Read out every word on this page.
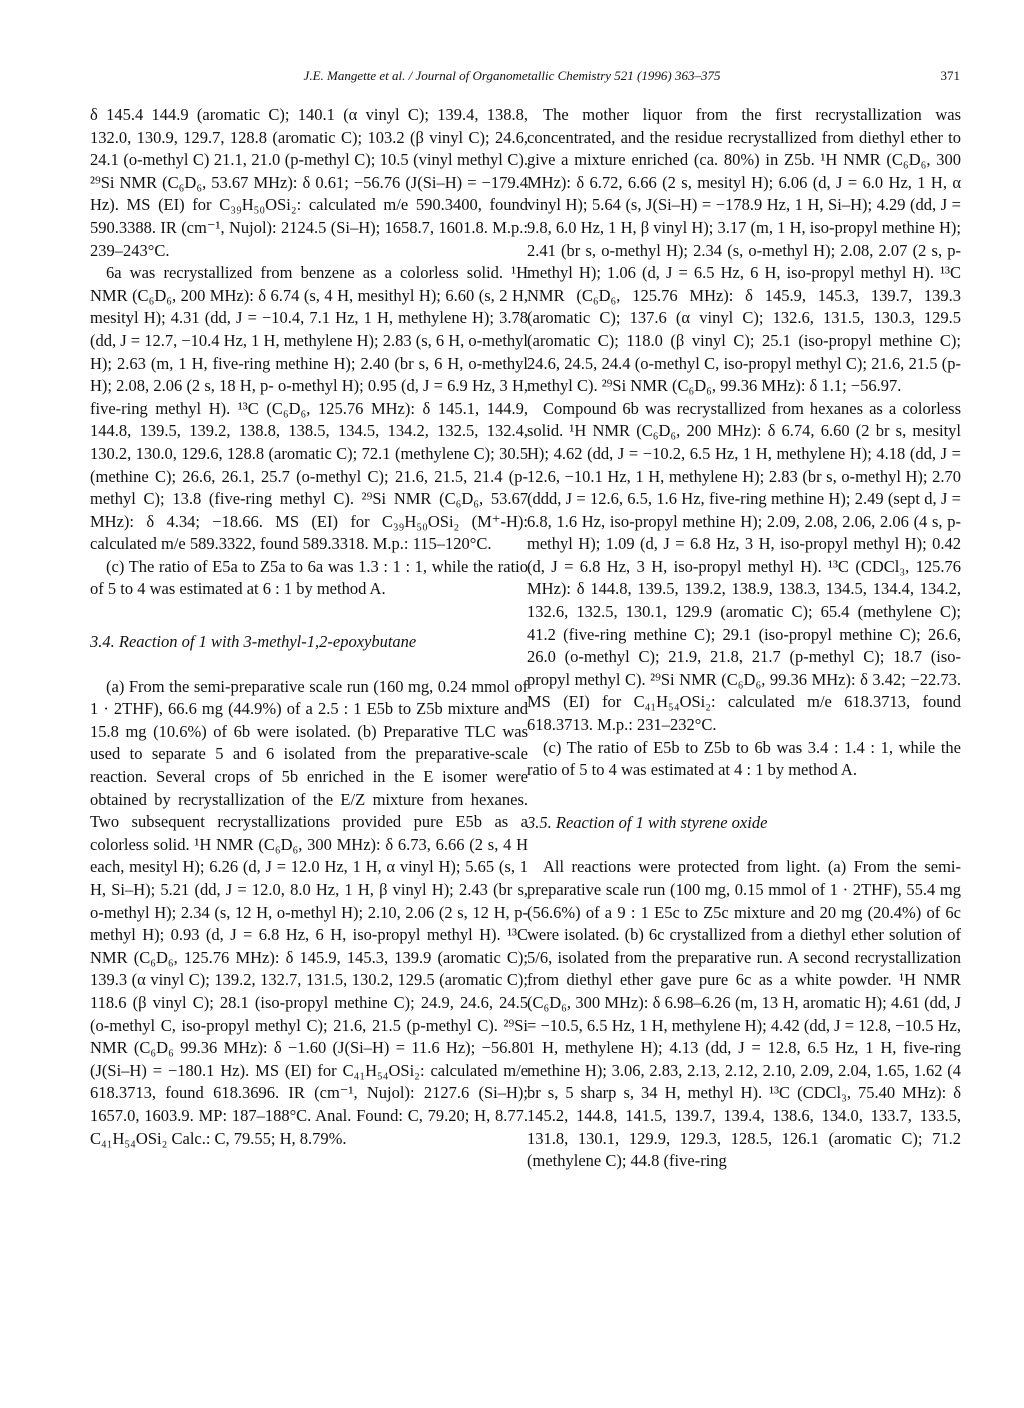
J.E. Mangette et al. / Journal of Organometallic Chemistry 521 (1996) 363–375	371

δ 145.4 144.9 (aromatic C); 140.1 (α vinyl C); 139.4, 138.8, 132.0, 130.9, 129.7, 128.8 (aromatic C); 103.2 (β vinyl C); 24.6, 24.1 (o-methyl C) 21.1, 21.0 (p-methyl C); 10.5 (vinyl methyl C). ²⁹Si NMR (C₆D₆, 53.67 MHz): δ 0.61; −56.76 (J(Si–H) = −179.4 Hz). MS (EI) for C₃₉H₅₀OSi₂: calculated m/e 590.3400, found 590.3388. IR (cm⁻¹, Nujol): 2124.5 (Si–H); 1658.7, 1601.8. M.p.: 239–243°C.

6a was recrystallized from benzene as a colorless solid. ¹H NMR (C₆D₆, 200 MHz): δ 6.74 (s, 4 H, mesithyl H); 6.60 (s, 2 H, mesityl H); 4.31 (dd, J = −10.4, 7.1 Hz, 1 H, methylene H); 3.78 (dd, J = 12.7, −10.4 Hz, 1 H, methylene H); 2.83 (s, 6 H, o-methyl H); 2.63 (m, 1 H, five-ring methine H); 2.40 (br s, 6 H, o-methyl H); 2.08, 2.06 (2 s, 18 H, p- o-methyl H); 0.95 (d, J = 6.9 Hz, 3 H, five-ring methyl H). ¹³C (C₆D₆, 125.76 MHz): δ 145.1, 144.9, 144.8, 139.5, 139.2, 138.8, 138.5, 134.5, 134.2, 132.5, 132.4, 130.2, 130.0, 129.6, 128.8 (aromatic C); 72.1 (methylene C); 30.5 (methine C); 26.6, 26.1, 25.7 (o-methyl C); 21.6, 21.5, 21.4 (p-methyl C); 13.8 (five-ring methyl C). ²⁹Si NMR (C₆D₆, 53.67 MHz): δ 4.34; −18.66. MS (EI) for C₃₉H₅₀OSi₂ (M⁺-H): calculated m/e 589.3322, found 589.3318. M.p.: 115–120°C.

(c) The ratio of E5a to Z5a to 6a was 1.3 : 1 : 1, while the ratio of 5 to 4 was estimated at 6 : 1 by method A.

3.4. Reaction of 1 with 3-methyl-1,2-epoxybutane

(a) From the semi-preparative scale run (160 mg, 0.24 mmol of 1 · 2THF), 66.6 mg (44.9%) of a 2.5 : 1 E5b to Z5b mixture and 15.8 mg (10.6%) of 6b were isolated. (b) Preparative TLC was used to separate 5 and 6 isolated from the preparative-scale reaction. Several crops of 5b enriched in the E isomer were obtained by recrystallization of the E/Z mixture from hexanes. Two subsequent recrystallizations provided pure E5b as a colorless solid. ¹H NMR (C₆D₆, 300 MHz): δ 6.73, 6.66 (2 s, 4 H each, mesityl H); 6.26 (d, J = 12.0 Hz, 1 H, α vinyl H); 5.65 (s, 1 H, Si–H); 5.21 (dd, J = 12.0, 8.0 Hz, 1 H, β vinyl H); 2.43 (br s, o-methyl H); 2.34 (s, 12 H, o-methyl H); 2.10, 2.06 (2 s, 12 H, p-methyl H); 0.93 (d, J = 6.8 Hz, 6 H, iso-propyl methyl H). ¹³C NMR (C₆D₆, 125.76 MHz): δ 145.9, 145.3, 139.9 (aromatic C); 139.3 (α vinyl C); 139.2, 132.7, 131.5, 130.2, 129.5 (aromatic C); 118.6 (β vinyl C); 28.1 (iso-propyl methine C); 24.9, 24.6, 24.5 (o-methyl C, iso-propyl methyl C); 21.6, 21.5 (p-methyl C). ²⁹Si NMR (C₆D₆ 99.36 MHz): δ −1.60 (J(Si–H) = 11.6 Hz); −56.80 (J(Si–H) = −180.1 Hz). MS (EI) for C₄₁H₅₄OSi₂: calculated m/e 618.3713, found 618.3696. IR (cm⁻¹, Nujol): 2127.6 (Si–H); 1657.0, 1603.9. MP: 187–188°C. Anal. Found: C, 79.20; H, 8.77. C₄₁H₅₄OSi₂ Calc.: C, 79.55; H, 8.79%.

The mother liquor from the first recrystallization was concentrated, and the residue recrystallized from diethyl ether to give a mixture enriched (ca. 80%) in Z5b. ¹H NMR (C₆D₆, 300 MHz): δ 6.72, 6.66 (2 s, mesityl H); 6.06 (d, J = 6.0 Hz, 1 H, α vinyl H); 5.64 (s, J(Si–H) = −178.9 Hz, 1 H, Si–H); 4.29 (dd, J = 9.8, 6.0 Hz, 1 H, β vinyl H); 3.17 (m, 1 H, iso-propyl methine H); 2.41 (br s, o-methyl H); 2.34 (s, o-methyl H); 2.08, 2.07 (2 s, p-methyl H); 1.06 (d, J = 6.5 Hz, 6 H, iso-propyl methyl H). ¹³C NMR (C₆D₆, 125.76 MHz): δ 145.9, 145.3, 139.7, 139.3 (aromatic C); 137.6 (α vinyl C); 132.6, 131.5, 130.3, 129.5 (aromatic C); 118.0 (β vinyl C); 25.1 (iso-propyl methine C); 24.6, 24.5, 24.4 (o-methyl C, iso-propyl methyl C); 21.6, 21.5 (p-methyl C). ²⁹Si NMR (C₆D₆, 99.36 MHz): δ 1.1; −56.97.

Compound 6b was recrystallized from hexanes as a colorless solid. ¹H NMR (C₆D₆, 200 MHz): δ 6.74, 6.60 (2 br s, mesityl H); 4.62 (dd, J = −10.2, 6.5 Hz, 1 H, methylene H); 4.18 (dd, J = 12.6, −10.1 Hz, 1 H, methylene H); 2.83 (br s, o-methyl H); 2.70 (ddd, J = 12.6, 6.5, 1.6 Hz, five-ring methine H); 2.49 (sept d, J = 6.8, 1.6 Hz, iso-propyl methine H); 2.09, 2.08, 2.06, 2.06 (4 s, p-methyl H); 1.09 (d, J = 6.8 Hz, 3 H, iso-propyl methyl H); 0.42 (d, J = 6.8 Hz, 3 H, iso-propyl methyl H). ¹³C (CDCl₃, 125.76 MHz): δ 144.8, 139.5, 139.2, 138.9, 138.3, 134.5, 134.4, 134.2, 132.6, 132.5, 130.1, 129.9 (aromatic C); 65.4 (methylene C); 41.2 (five-ring methine C); 29.1 (iso-propyl methine C); 26.6, 26.0 (o-methyl C); 21.9, 21.8, 21.7 (p-methyl C); 18.7 (iso-propyl methyl C). ²⁹Si NMR (C₆D₆, 99.36 MHz): δ 3.42; −22.73. MS (EI) for C₄₁H₅₄OSi₂: calculated m/e 618.3713, found 618.3713. M.p.: 231–232°C.

(c) The ratio of E5b to Z5b to 6b was 3.4 : 1.4 : 1, while the ratio of 5 to 4 was estimated at 4 : 1 by method A.

3.5. Reaction of 1 with styrene oxide

All reactions were protected from light. (a) From the semi-preparative scale run (100 mg, 0.15 mmol of 1 · 2THF), 55.4 mg (56.6%) of a 9 : 1 E5c to Z5c mixture and 20 mg (20.4%) of 6c were isolated. (b) 6c crystallized from a diethyl ether solution of 5/6, isolated from the preparative run. A second recrystallization from diethyl ether gave pure 6c as a white powder. ¹H NMR (C₆D₆, 300 MHz): δ 6.98–6.26 (m, 13 H, aromatic H); 4.61 (dd, J = −10.5, 6.5 Hz, 1 H, methylene H); 4.42 (dd, J = 12.8, −10.5 Hz, 1 H, methylene H); 4.13 (dd, J = 12.8, 6.5 Hz, 1 H, five-ring methine H); 3.06, 2.83, 2.13, 2.12, 2.10, 2.09, 2.04, 1.65, 1.62 (4 br s, 5 sharp s, 34 H, methyl H). ¹³C (CDCl₃, 75.40 MHz): δ 145.2, 144.8, 141.5, 139.7, 139.4, 138.6, 134.0, 133.7, 133.5, 131.8, 130.1, 129.9, 129.3, 128.5, 126.1 (aromatic C); 71.2 (methylene C); 44.8 (five-ring
